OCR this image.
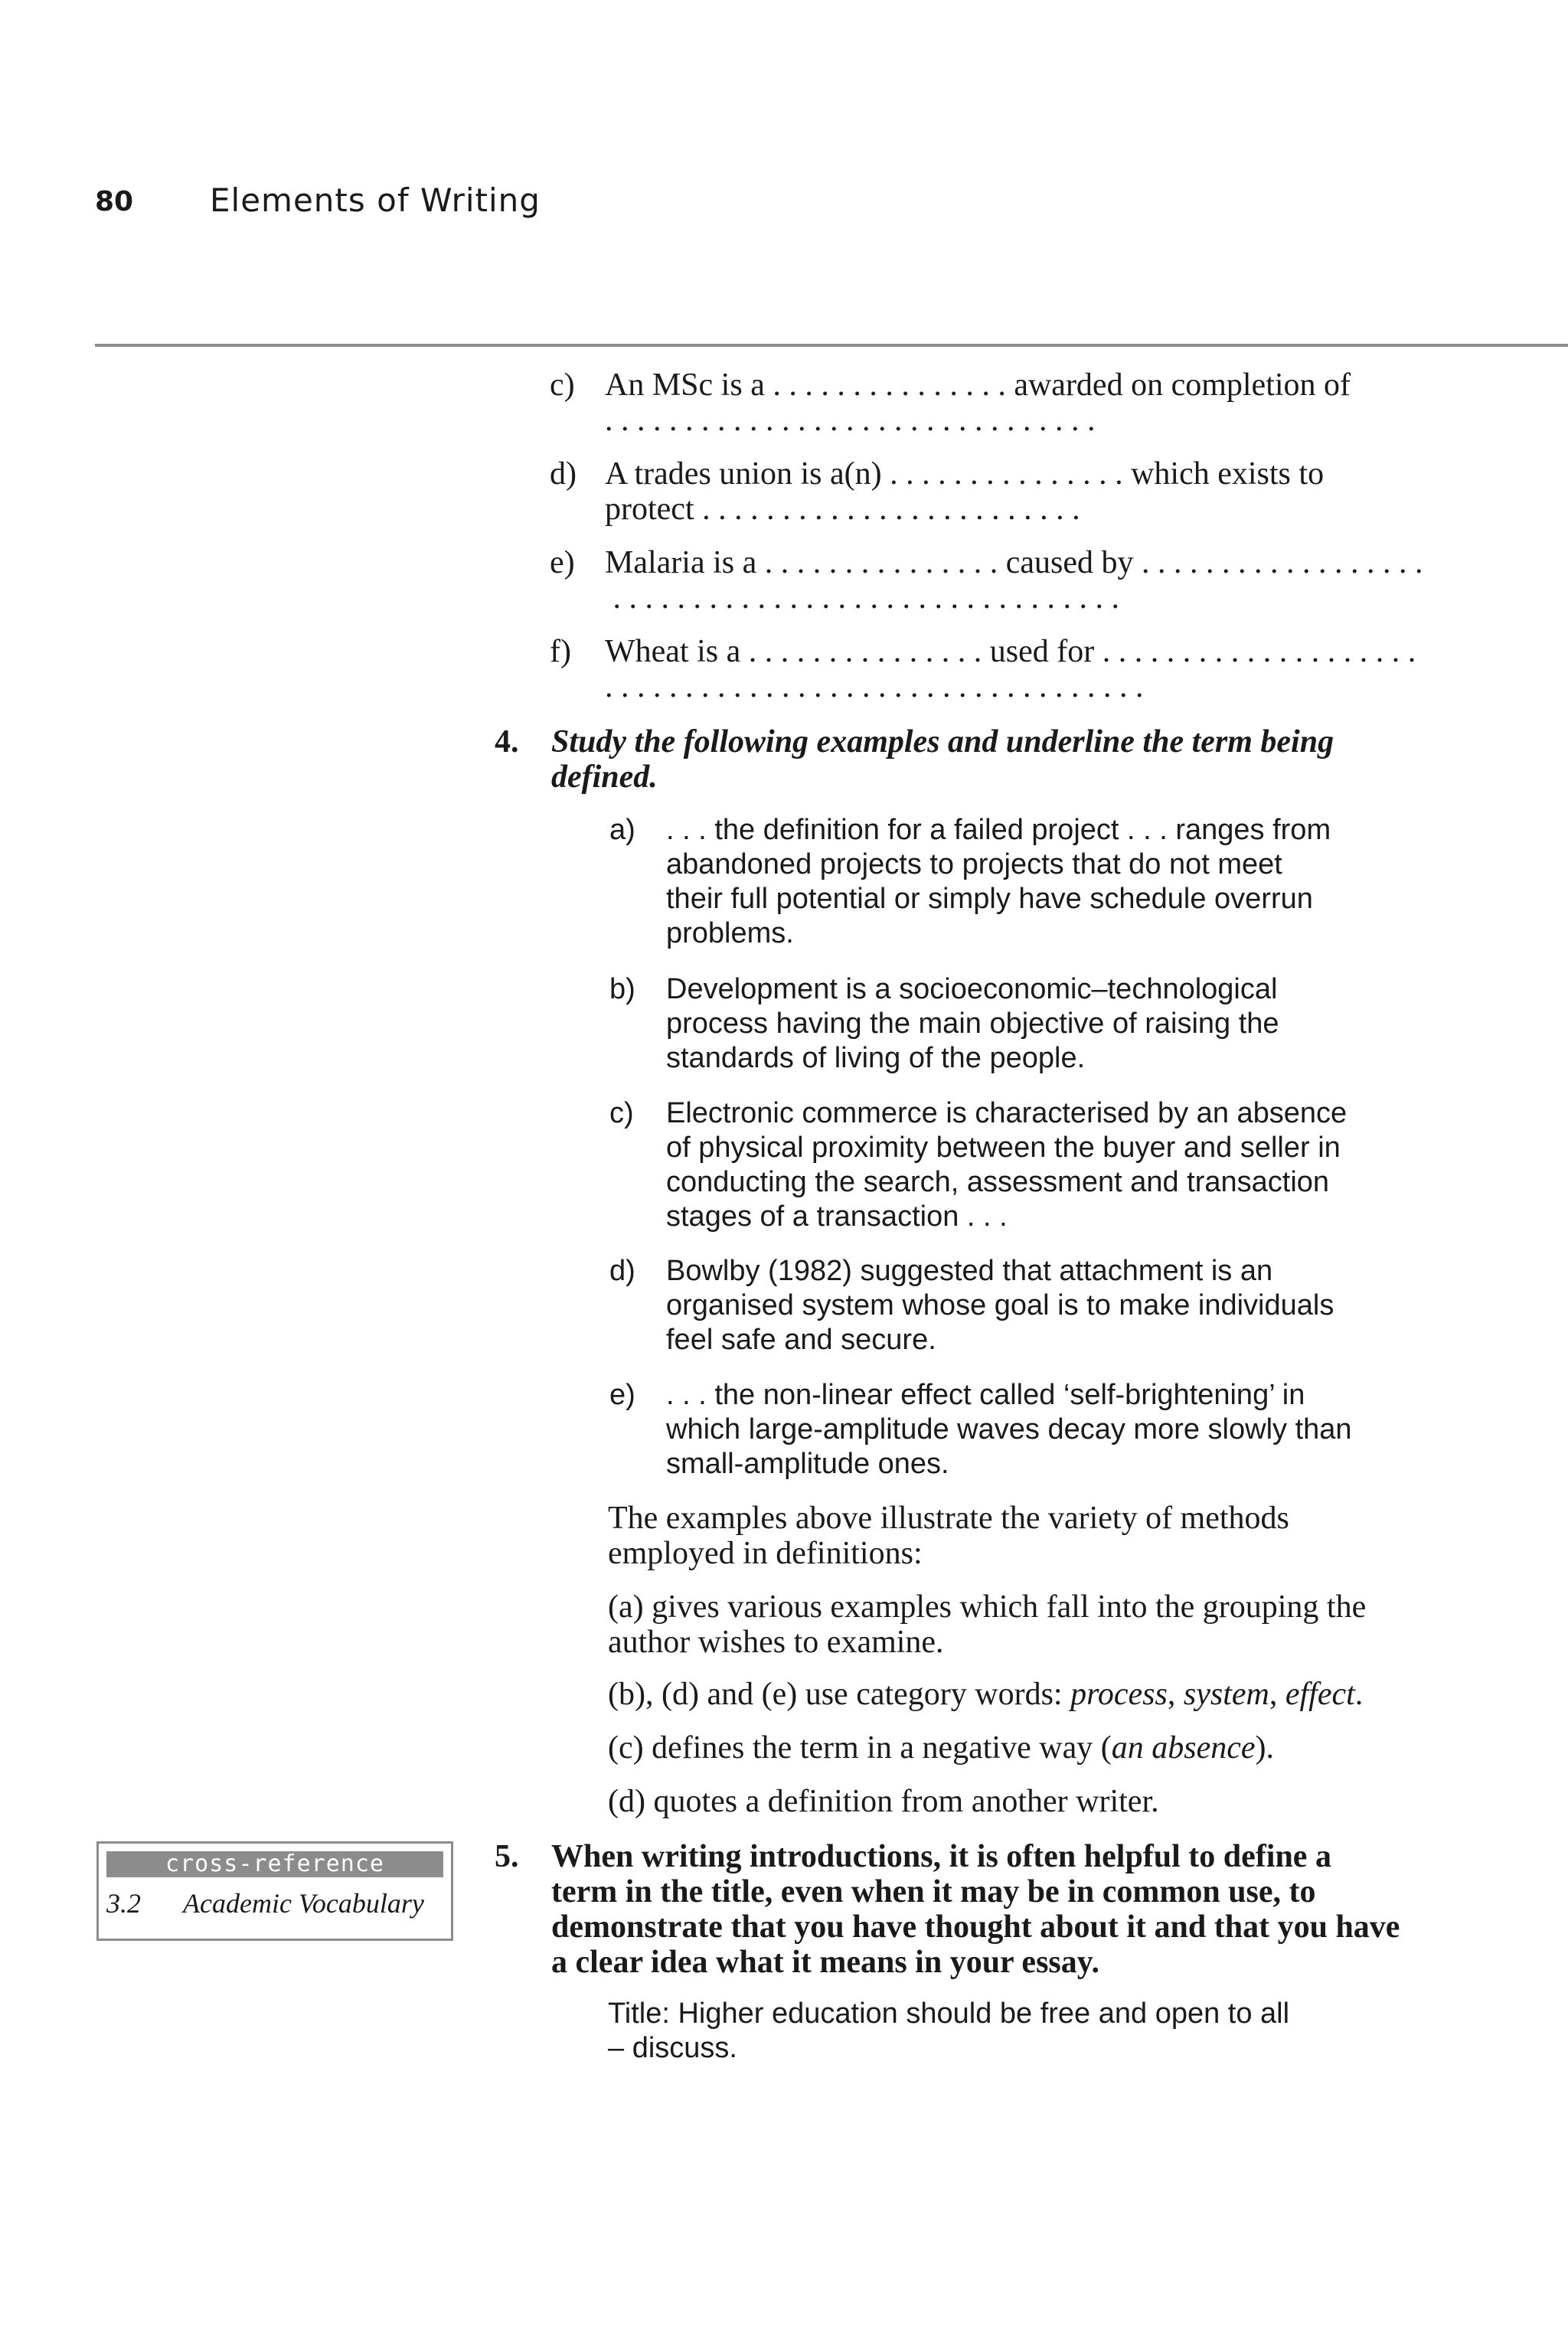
80 Elements of Writing
c) An MSc is a . . . . . . . . . . . . . . . awarded on completion of
. . . . . . . . . . . . . . . . . . . . . . . . . . . . . . .
d) A trades union is a(n) . . . . . . . . . . . . . . . which exists to
protect . . . . . . . . . . . . . . . . . . . . . . . .
e) Malaria is a . . . . . . . . . . . . . . . caused by . . . . . . . . . . . . . . . . . .
. . . . . . . . . . . . . . . . . . . . . . . . . . . . . . . .
f) Wheat is a . . . . . . . . . . . . . . . used for . . . . . . . . . . . . . . . . . . . .
. . . . . . . . . . . . . . . . . . . . . . . . . . . . . . . . . .
4. Study the following examples and underline the term being
defined.
a) . . . the definition for a failed project . . . ranges from
abandoned projects to projects that do not meet
their full potential or simply have schedule overrun
problems.
b) Development is a socioeconomic–technological
process having the main objective of raising the
standards of living of the people.
c) Electronic commerce is characterised by an absence
of physical proximity between the buyer and seller in
conducting the search, assessment and transaction
stages of a transaction . . .
d) Bowlby (1982) suggested that attachment is an
organised system whose goal is to make individuals
feel safe and secure.
e) . . . the non-linear effect called ‘self-brightening’ in
which large-amplitude waves decay more slowly than
small-amplitude ones.
The examples above illustrate the variety of methods
employed in definitions:
(a) gives various examples which fall into the grouping the
author wishes to examine.
(b), (d) and (e) use category words: process, system, effect.
(c) defines the term in a negative way (an absence).
(d) quotes a definition from another writer.
5. When writing introductions, it is often helpful to define a
term in the title, even when it may be in common use, to
demonstrate that you have thought about it and that you have
a clear idea what it means in your essay.
Title: Higher education should be free and open to all
– discuss.
cross-reference
3.2 Academic Vocabulary
